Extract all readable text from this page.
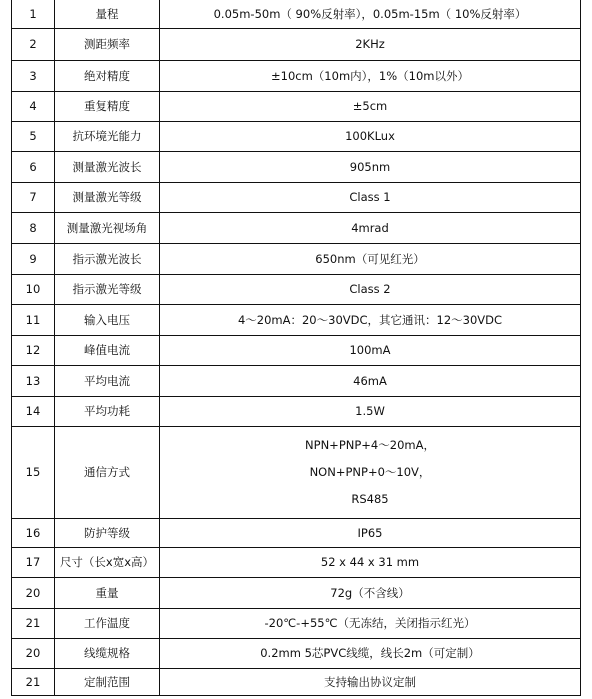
1	量程	0.05m-50m（ 90%反射率），0.05m-15m（ 10%反射率）

2	测距频率	2KHz

3	绝对精度	±10cm（10m内），1%（10m以外）

4	重复精度	±5cm

5	抗环境光能力	100KLux

6	测量激光波长	905nm

7	测量激光等级	Class 1

8	测量激光视场角	4mrad

9	指示激光波长	650nm（可见红光）

10	指示激光等级	Class 2

11	输入电压	4～20mA：20～30VDC，其它通讯：12～30VDC

12	峰值电流	100mA

13	平均电流	46mA

14	平均功耗	1.5W

15	通信方式	NPN+PNP+4～20mA，
NON+PNP+0～10V，
RS485

16	防护等级	IP65

17	尺寸（长x宽x高）	52 x 44 x 31 mm

20	重量	72g（不含线）

21	工作温度	-20℃-+55℃（无冻结，关闭指示红光）

20	线缆规格	0.2mm 5芯PVC线缆，线长2m（可定制）

21	定制范围	支持输出协议定制
